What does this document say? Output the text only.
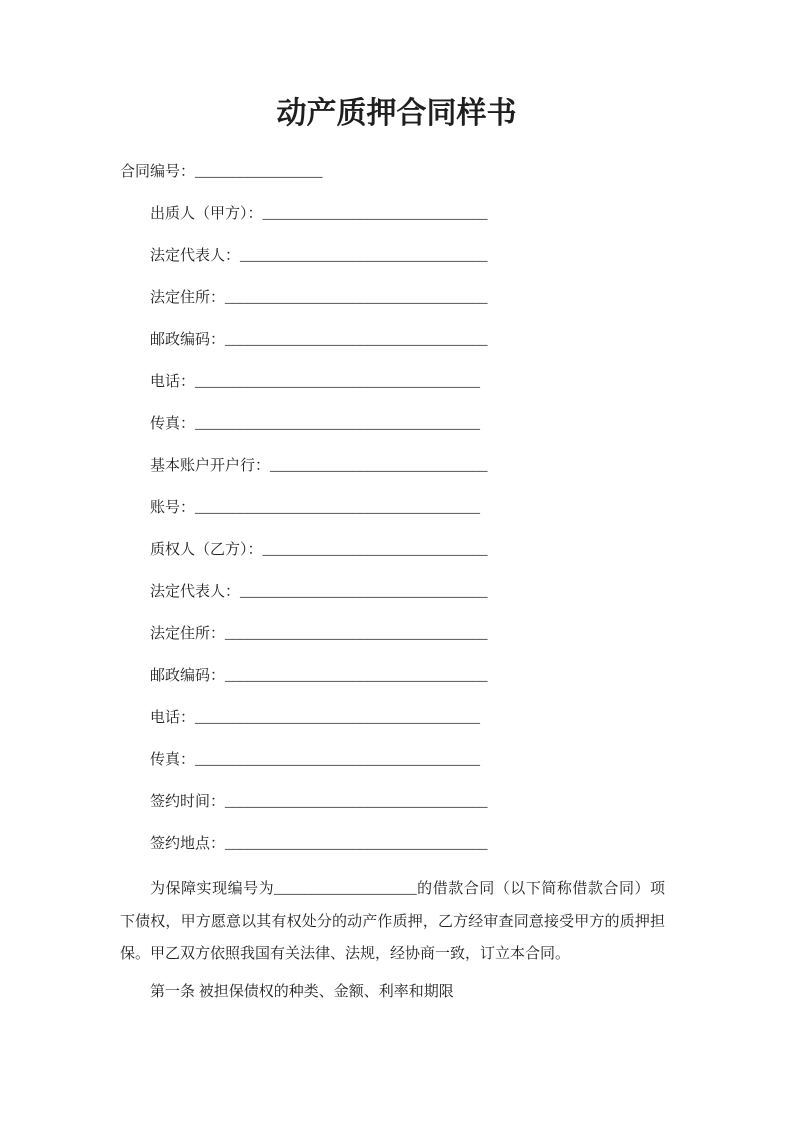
动产质押合同样书
合同编号：_________________
出质人（甲方）：______________________________
法定代表人：_________________________________
法定住所：___________________________________
邮政编码：___________________________________
电话：______________________________________
传真：______________________________________
基本账户开户行：_____________________________
账号：______________________________________
质权人（乙方）：______________________________
法定代表人：_________________________________
法定住所：___________________________________
邮政编码：___________________________________
电话：______________________________________
传真：______________________________________
签约时间：___________________________________
签约地点：___________________________________

为保障实现编号为___________________的借款合同（以下简称借款合同）项下债权，甲方愿意以其有权处分的动产作质押，乙方经审查同意接受甲方的质押担保。甲乙双方依照我国有关法律、法规，经协商一致，订立本合同。

第一条 被担保债权的种类、金额、利率和期限
